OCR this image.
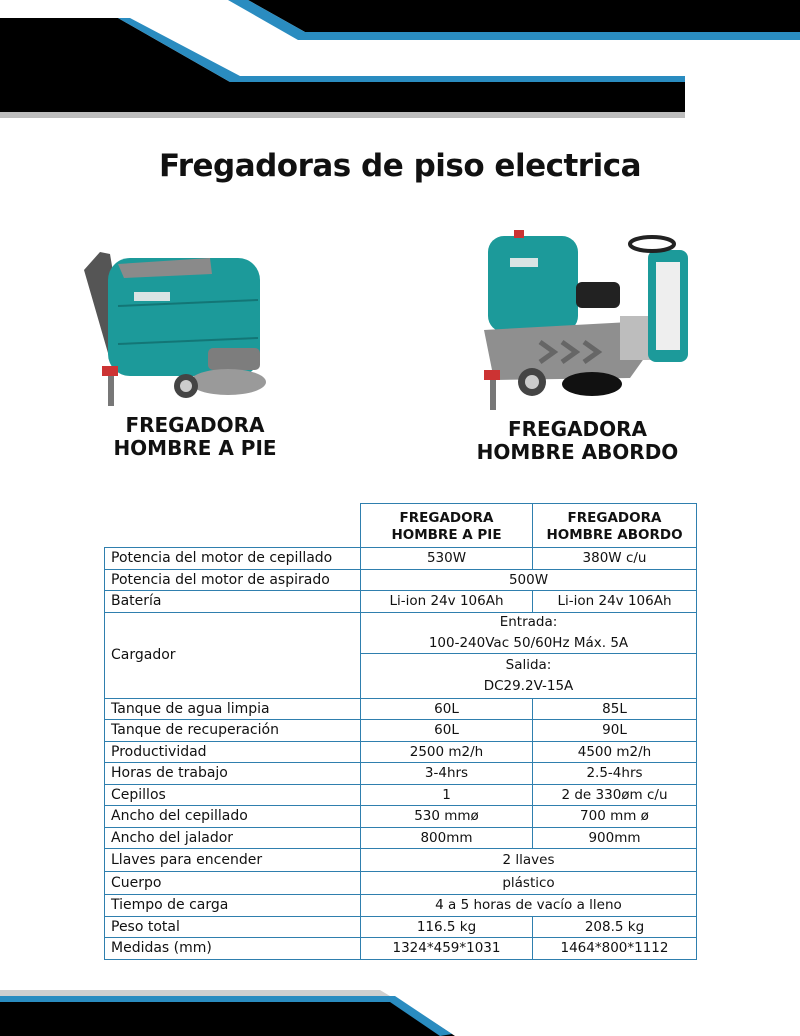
Fregadoras de piso electrica
FREGADORA
HOMBRE A PIE
FREGADORA
HOMBRE ABORDO
	FREGADORA
HOMBRE A PIE	FREGADORA
HOMBRE ABORDO
Potencia del motor de cepillado	530W	380W c/u
Potencia del motor de aspirado	500W	
Batería	Li-ion 24v 106Ah	Li-ion 24v 106Ah
Cargador	Entrada:
100-240Vac 50/60Hz Máx. 5A	

	Salida:
DC29.2V-15A	

Tanque de agua limpia	60L	85L
Tanque de recuperación	60L	90L
Productividad	2500 m2/h	4500 m2/h
Horas de trabajo	3-4hrs	2.5-4hrs
Cepillos	1	2 de 330øm c/u
Ancho del cepillado	530 mmø	700 mm ø
Ancho del jalador	800mm	900mm
Llaves para encender	2 llaves	
Cuerpo	plástico	
Tiempo de carga	4 a 5 horas de vacío a lleno	
Peso total	116.5 kg	208.5 kg
Medidas (mm)	1324*459*1031	1464*800*1112
